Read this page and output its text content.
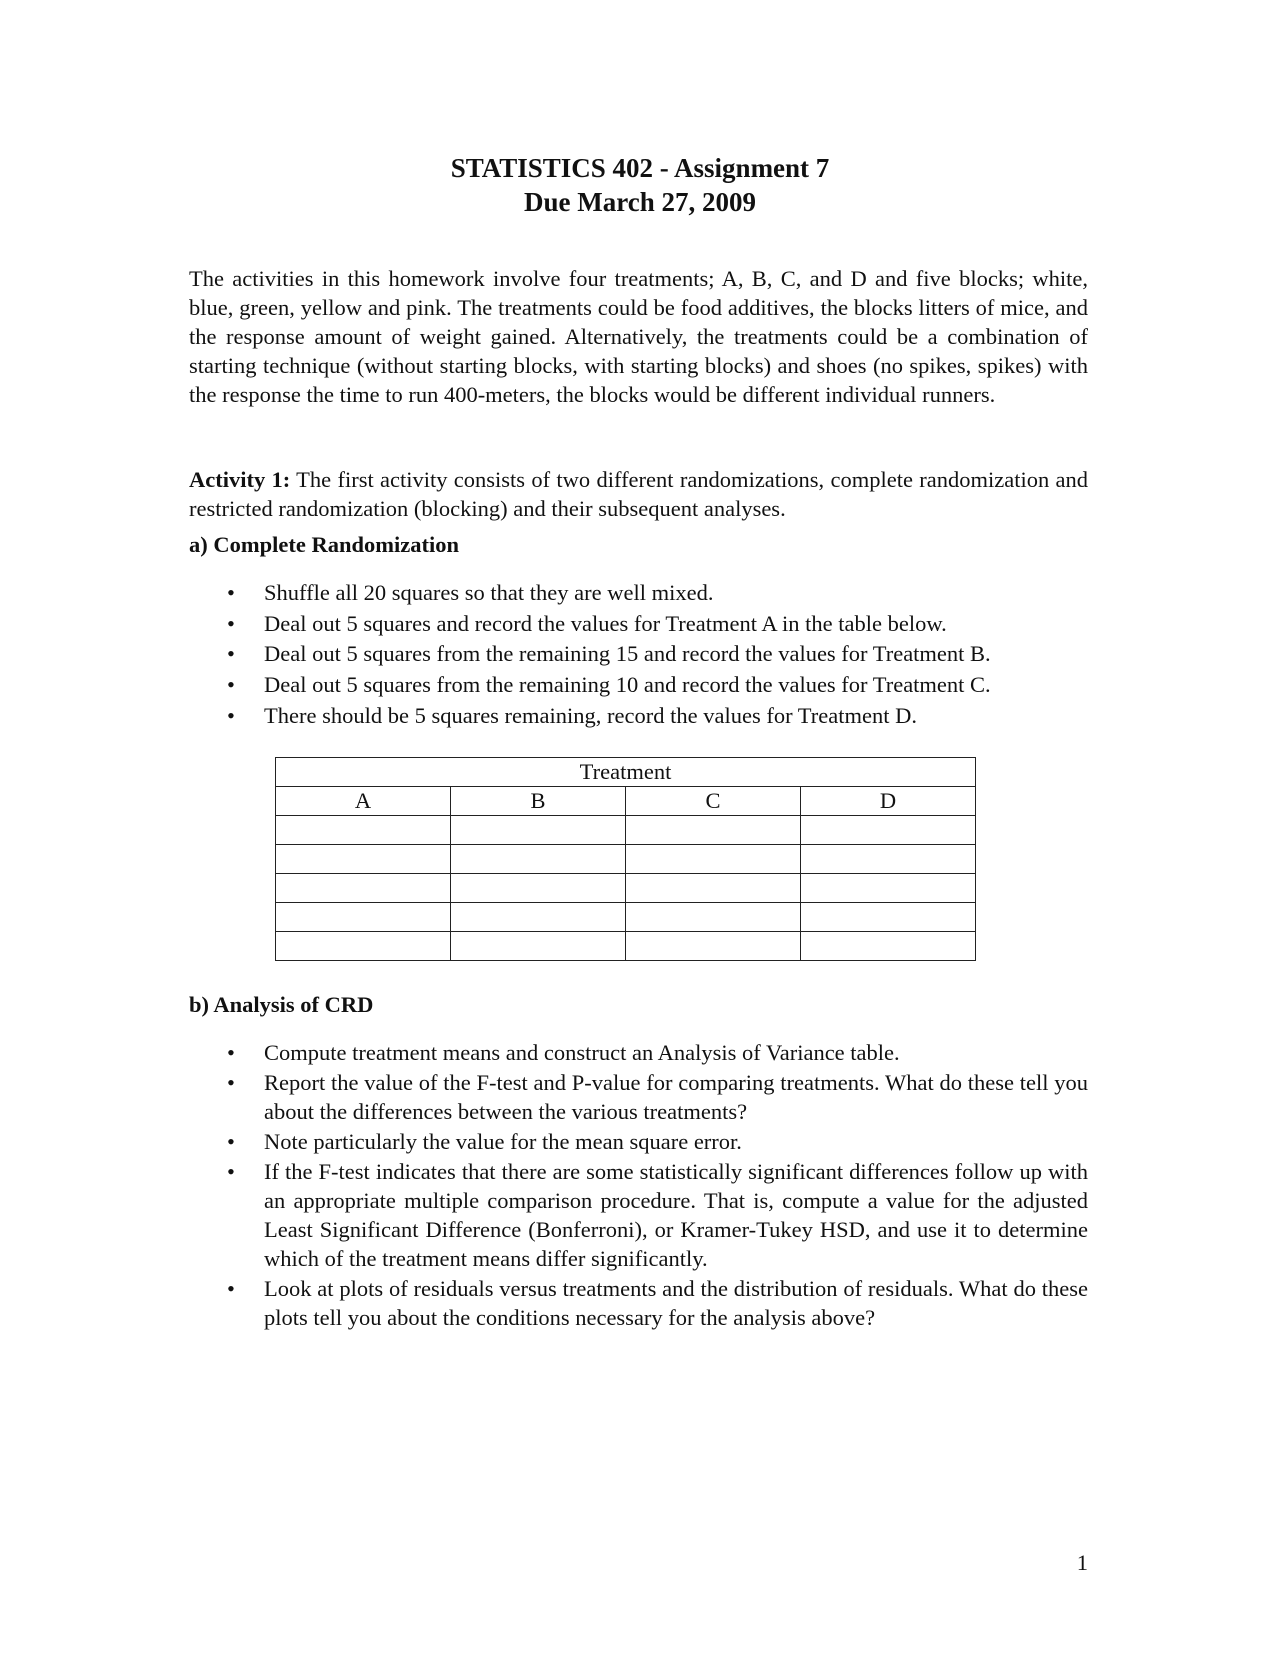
STATISTICS 402 - Assignment 7
Due March 27, 2009

The activities in this homework involve four treatments; A, B, C, and D and five blocks; white, blue, green, yellow and pink. The treatments could be food additives, the blocks litters of mice, and the response amount of weight gained. Alternatively, the treatments could be a combination of starting technique (without starting blocks, with starting blocks) and shoes (no spikes, spikes) with the response the time to run 400-meters, the blocks would be different individual runners.

Activity 1: The first activity consists of two different randomizations, complete randomization and restricted randomization (blocking) and their subsequent analyses.

a) Complete Randomization
• Shuffle all 20 squares so that they are well mixed.
• Deal out 5 squares and record the values for Treatment A in the table below.
• Deal out 5 squares from the remaining 15 and record the values for Treatment B.
• Deal out 5 squares from the remaining 10 and record the values for Treatment C.
• There should be 5 squares remaining, record the values for Treatment D.
Treatment			
A	B	C	D

b) Analysis of CRD
• Compute treatment means and construct an Analysis of Variance table.
• Report the value of the F-test and P-value for comparing treatments. What do these tell you about the differences between the various treatments?
• Note particularly the value for the mean square error.
• If the F-test indicates that there are some statistically significant differences follow up with an appropriate multiple comparison procedure. That is, compute a value for the adjusted Least Significant Difference (Bonferroni), or Kramer-Tukey HSD, and use it to determine which of the treatment means differ significantly.
• Look at plots of residuals versus treatments and the distribution of residuals. What do these plots tell you about the conditions necessary for the analysis above?
1
